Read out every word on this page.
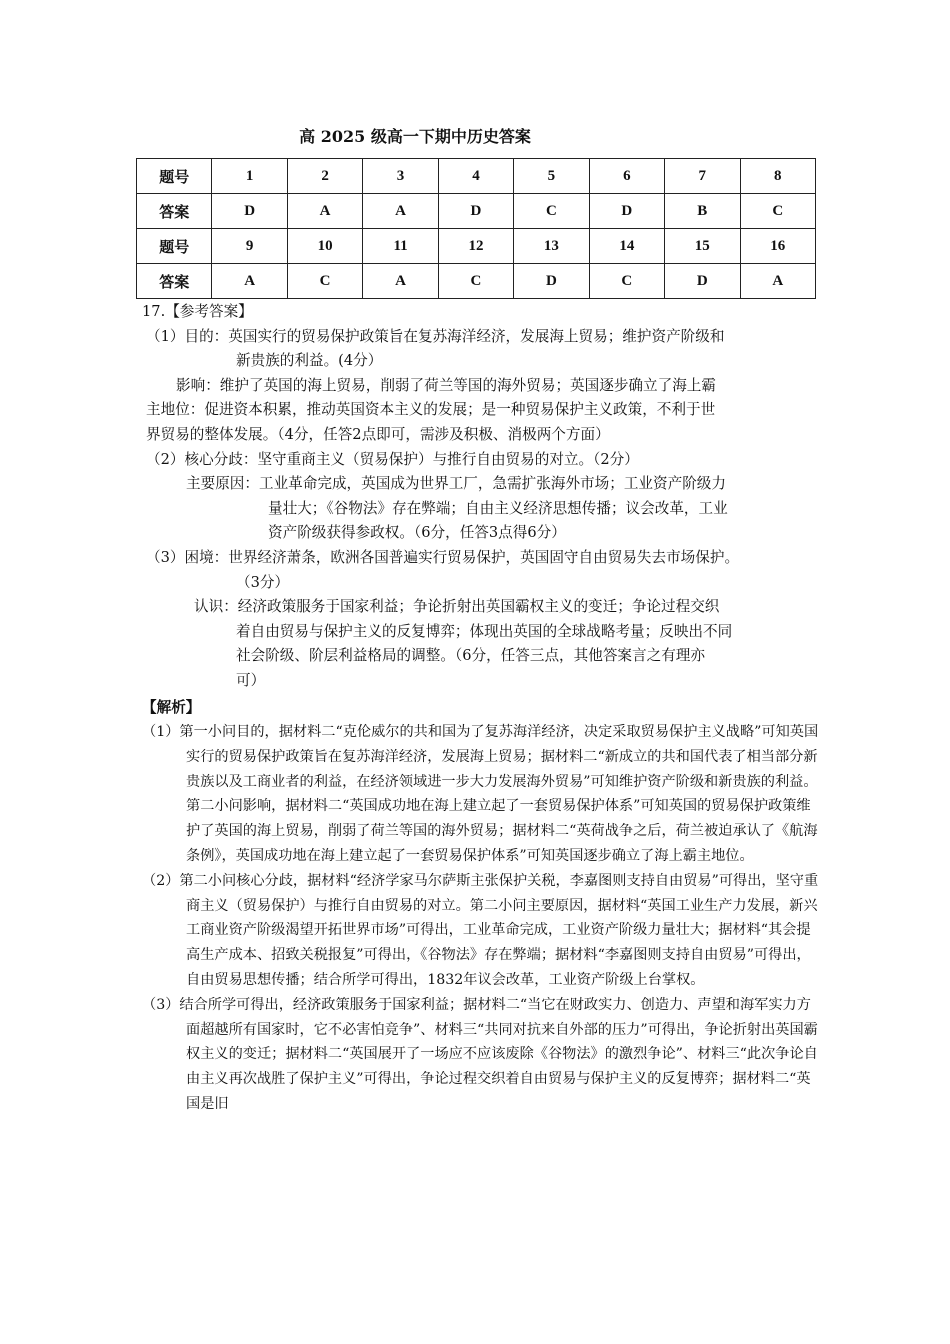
高 2025 级高一下期中历史答案
题号	1	2	3	4	5	6	7	8
答案	D	A	A	D	C	D	B	C
题号	9	10	11	12	13	14	15	16
答案	A	C	A	C	D	C	D	A
17.【参考答案】
（1）目的：英国实行的贸易保护政策旨在复苏海洋经济，发展海上贸易；维护资产阶级和
新贵族的利益。(4分）
影响：维护了英国的海上贸易，削弱了荷兰等国的海外贸易；英国逐步确立了海上霸
主地位：促进资本积累，推动英国资本主义的发展；是一种贸易保护主义政策，不利于世
界贸易的整体发展。（4分，任答2点即可，需涉及积极、消极两个方面）
（2）核心分歧：坚守重商主义（贸易保护）与推行自由贸易的对立。（2分）
主要原因：工业革命完成，英国成为世界工厂，急需扩张海外市场；工业资产阶级力
量壮大；《谷物法》存在弊端；自由主义经济思想传播；议会改革，工业
资产阶级获得参政权。（6分，任答3点得6分）
（3）困境：世界经济萧条，欧洲各国普遍实行贸易保护，英国固守自由贸易失去市场保护。
（3分）
认识：经济政策服务于国家利益；争论折射出英国霸权主义的变迁；争论过程交织
着自由贸易与保护主义的反复博弈；体现出英国的全球战略考量；反映出不同
社会阶级、阶层利益格局的调整。（6分，任答三点，其他答案言之有理亦
可）
【解析】
（1）第一小问目的，据材料二“克伦威尔的共和国为了复苏海洋经济，决定采取贸易保护主义战略”可知英国实行的贸易保护政策旨在复苏海洋经济，发展海上贸易；据材料二“新成立的共和国代表了相当部分新贵族以及工商业者的利益，在经济领域进一步大力发展海外贸易”可知维护资产阶级和新贵族的利益。第二小问影响，据材料二“英国成功地在海上建立起了一套贸易保护体系”可知英国的贸易保护政策维护了英国的海上贸易，削弱了荷兰等国的海外贸易；据材料二“英荷战争之后，荷兰被迫承认了《航海条例》，英国成功地在海上建立起了一套贸易保护体系”可知英国逐步确立了海上霸主地位。
（2）第二小问核心分歧，据材料“经济学家马尔萨斯主张保护关税，李嘉图则支持自由贸易”可得出，坚守重商主义（贸易保护）与推行自由贸易的对立。第二小问主要原因，据材料“英国工业生产力发展，新兴工商业资产阶级渴望开拓世界市场”可得出，工业革命完成，工业资产阶级力量壮大；据材料“其会提高生产成本、招致关税报复”可得出，《谷物法》存在弊端；据材料“李嘉图则支持自由贸易”可得出，自由贸易思想传播；结合所学可得出，1832年议会改革，工业资产阶级上台掌权。
（3）结合所学可得出，经济政策服务于国家利益；据材料二“当它在财政实力、创造力、声望和海军实力方面超越所有国家时，它不必害怕竞争”、材料三“共同对抗来自外部的压力”可得出，争论折射出英国霸权主义的变迁；据材料二“英国展开了一场应不应该废除《谷物法》的激烈争论”、材料三“此次争论自由主义再次战胜了保护主义”可得出，争论过程交织着自由贸易与保护主义的反复博弈；据材料二“英国是旧
